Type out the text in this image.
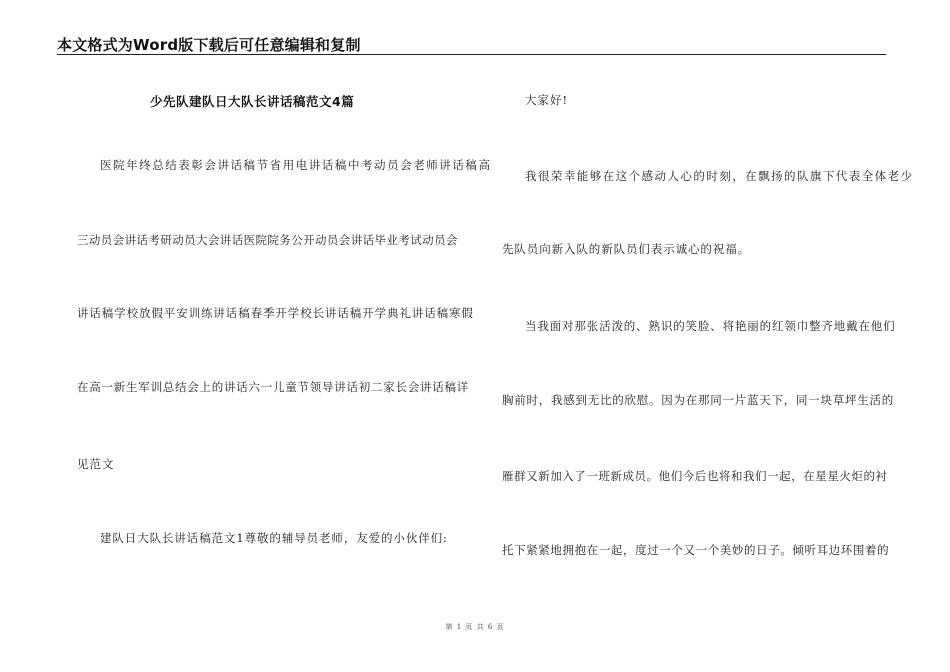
本文格式为Word版下载后可任意编辑和复制
少先队建队日大队长讲话稿范文4篇
医院年终总结表彰会讲话稿节省用电讲话稿中考动员会老师讲话稿高
三动员会讲话考研动员大会讲话医院院务公开动员会讲话毕业考试动员会
讲话稿学校放假平安训练讲话稿春季开学校长讲话稿开学典礼讲话稿寒假
在高一新生军训总结会上的讲话六一儿童节领导讲话初二家长会讲话稿详
见范文
建队日大队长讲话稿范文1尊敬的辅导员老师，友爱的小伙伴们:
大家好!
我很荣幸能够在这个感动人心的时刻，在飘扬的队旗下代表全体老少
先队员向新入队的新队员们表示诚心的祝福。
当我面对那张活泼的、熟识的笑脸、将艳丽的红领巾整齐地戴在他们
胸前时，我感到无比的欣慰。因为在那同一片蓝天下，同一块草坪生活的
雁群又新加入了一班新成员。他们今后也将和我们一起，在星星火炬的衬
托下紧紧地拥抱在一起，度过一个又一个美妙的日子。倾听耳边环围着的
第 1 页 共 6 页
